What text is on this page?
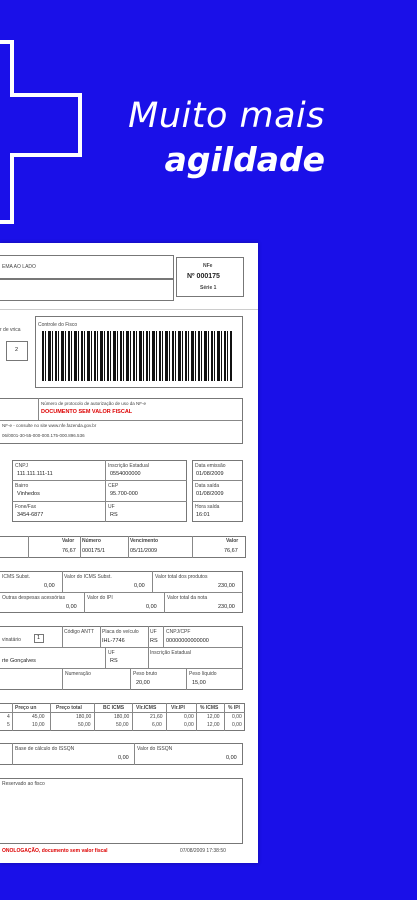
Muito mais
agildade
EMA AO LADO	NFe
Nº 000175
Série 1
r de vrica
2
Controle do Fisco
Número de protocolo de autorização de uso da NF-e
DOCUMENTO SEM VALOR FISCAL
NF-e - consulte no site www.nfe.fazenda.gov.br
06/0001-30-55-000-000.175-000.896.536
CNPJ
111.111.111-11
Inscrição Estadual
0554000000
Bairro
Vinhedos
CEP
95.700-000
Fone/Fax
3454-6877
UF
RS
Data emissão
01/08/2009
Data saída
01/08/2009
Hora saída
16:01
Valor Número	Vencimento	Valor
76,67 000175/1	05/11/2009	76,67
ICMS Subst.
0,00
Valor do ICMS Subst.
0,00
Valor total dos produtos
230,00
Outras despesas acessórias
0,00
Valor do IPI
0,00
Valor total da nota
230,00
vinatário	1
Código ANTT Placa do veículo
IHL-7746
UF
RS
CNPJ/CPF
00000000000000
rte Gonçalves
UF
RS
Inscrição Estadual
Numeração	Peso bruto
20,00
Peso líquido
15,00
Preço un	Preço total	BC ICMS Vlr.ICMS	Vlr.IPI	% ICMS % IPI
4	45,00	180,00	180,00	21,60	0,00	12,00 0,00
5	10,00	50,00	50,00	6,00	0,00	12,00 0,00
Base de cálculo do ISSQN
0,00
Valor do ISSQN
0,00
Reservado ao fisco
ONOLOGAÇÃO, documento sem valor fiscal	07/08/2009 17:38:50
